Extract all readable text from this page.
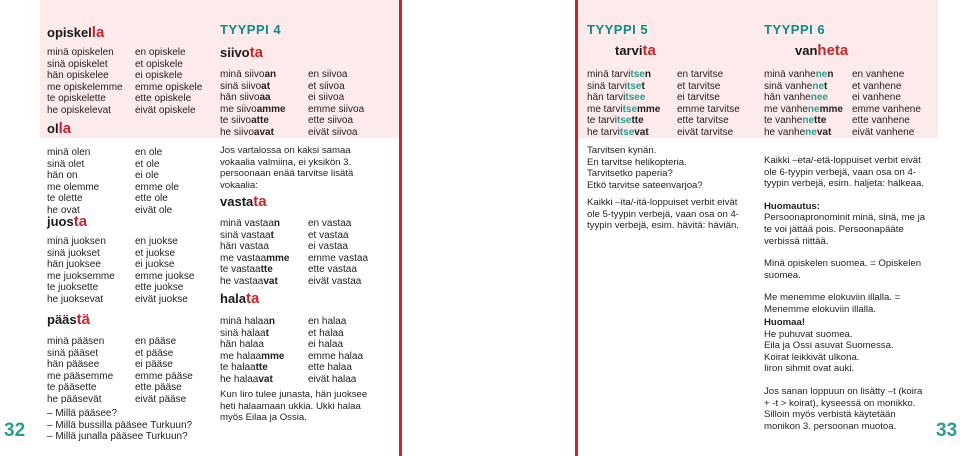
32	33
opiskella
minä opiskelen
sinä opiskelet
hän opiskelee
me opiskelemme
te opiskelette
he opiskelevat
en opiskele
et opiskele
ei opiskele
emme opiskele
ette opiskele
eivät opiskele
olla
minä olen
sinä olet
hän on
me olemme
te olette
he ovat
en ole
et ole
ei ole
emme ole
ette ole
eivät ole
juosta
minä juoksen
sinä juokset
hän juoksee
me juoksemme
te juoksette
he juoksevat
en juokse
et juokse
ei juokse
emme juokse
ette juokse
eivät juokse
päästä
minä pääsen
sinä pääset
hän pääsee
me pääsemme
te pääsette
he pääsevät
en pääse
et pääse
ei pääse
emme pääse
ette pääse
eivät pääse
– Millä pääsee?
– Millä bussilla pääsee Turkuun?
– Millä junalla pääsee Turkuun?
TYYPPI 4
siivota
minä siivoan
sinä siivoat
hän siivoaa
me siivoamme
te siivoatte
he siivoavat
en siivoa
et siivoa
ei siivoa
emme siivoa
ette siivoa
eivät siivoa
Jos vartalossa on kaksi samaa vokaalia valmiina, ei yksikön 3. persoonaan enää tarvitse lisätä vokaalia:
vastata
minä vastaan
sinä vastaat
hän vastaa
me vastaamme
te vastaatte
he vastaavat
en vastaa
et vastaa
ei vastaa
emme vastaa
ette vastaa
eivät vastaa
halata
minä halaan
sinä halaat
hän halaa
me halaamme
te halaatte
he halaavat
en halaa
et halaa
ei halaa
emme halaa
ette halaa
eivät halaa
Kun Iiro tulee junasta, hän juoksee heti halaamaan ukkia. Ukki halaa myös Eilaa ja Ossia.
TYYPPI 5
tarvita
minä tarvitsen
sinä tarvitset
hän tarvitsee
me tarvitsemme
te tarvitsette
he tarvitsevat
en tarvitse
et tarvitse
ei tarvitse
emme tarvitse
ette tarvitse
eivät tarvitse
Tarvitsen kynän.
En tarvitse helikopteria.
Tarvitsetko paperia?
Etkö tarvitse sateenvarjoa?
Kaikki –ita/-itä-loppuiset verbit eivät ole 5-tyypin verbejä, vaan osa on 4-tyypin verbejä, esim. hävitä: häviän.
TYYPPI 6
vanheta
minä vanhenen
sinä vanhenet
hän vanhenee
me vanhenemme
te vanhenette
he vanhenevat
en vanhene
et vanhene
ei vanhene
emme vanhene
ette vanhene
eivät vanhene

Kaikki –eta/-etä-loppuiset verbit eivät ole 6-tyypin verbejä, vaan osa on 4-tyypin verbejä, esim. haljeta: halkeaa.

Huomautus:

Persoonapronominit minä, sinä, me ja te voi jättää pois. Persoonapääte verbissä riittää.

Minä opiskelen suomea. = Opiskelen suomea.

Me menemme elokuviin illalla. = Menemme elokuviin illalla.

Huomaa!
He puhuvat suomea.
Eila ja Ossi asuvat Suomessa.
Koirat leikkivät ulkona.
Iiron sihmit ovat auki.

Jos sanan loppuun on lisätty –t (koira + -t > koirat), kyseessä on monikko. Silloin myös verbistä käytetään monikon 3. persoonan muotoa.
